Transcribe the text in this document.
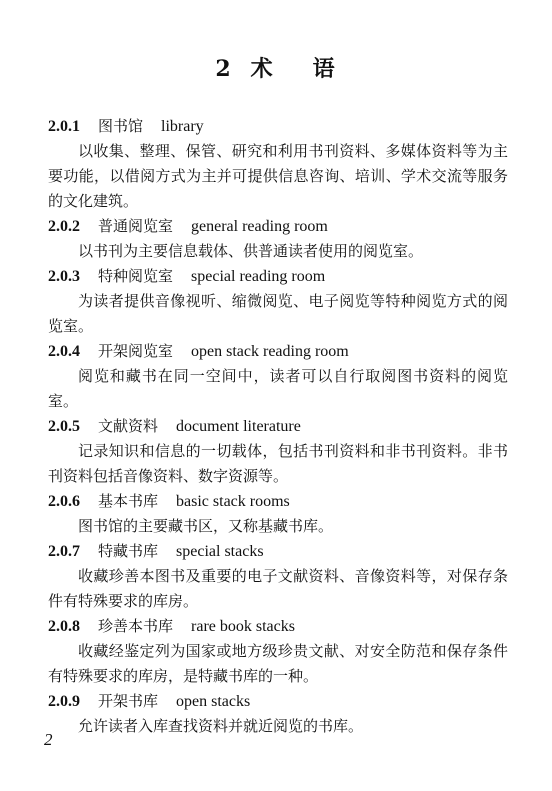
2 术 语
2.0.1 图书馆 library

以收集、整理、保管、研究和利用书刊资料、多媒体资料等为主要功能，以借阅方式为主并可提供信息咨询、培训、学术交流等服务的文化建筑。

2.0.2 普通阅览室 general reading room

以书刊为主要信息载体、供普通读者使用的阅览室。

2.0.3 特种阅览室 special reading room

为读者提供音像视听、缩微阅览、电子阅览等特种阅览方式的阅览室。

2.0.4 开架阅览室 open stack reading room

阅览和藏书在同一空间中，读者可以自行取阅图书资料的阅览室。

2.0.5 文献资料 document literature

记录知识和信息的一切载体，包括书刊资料和非书刊资料。非书刊资料包括音像资料、数字资源等。

2.0.6 基本书库 basic stack rooms

图书馆的主要藏书区，又称基藏书库。

2.0.7 特藏书库 special stacks

收藏珍善本图书及重要的电子文献资料、音像资料等，对保存条件有特殊要求的库房。

2.0.8 珍善本书库 rare book stacks

收藏经鉴定列为国家或地方级珍贵文献、对安全防范和保存条件有特殊要求的库房，是特藏书库的一种。

2.0.9 开架书库 open stacks

允许读者入库查找资料并就近阅览的书库。

2
